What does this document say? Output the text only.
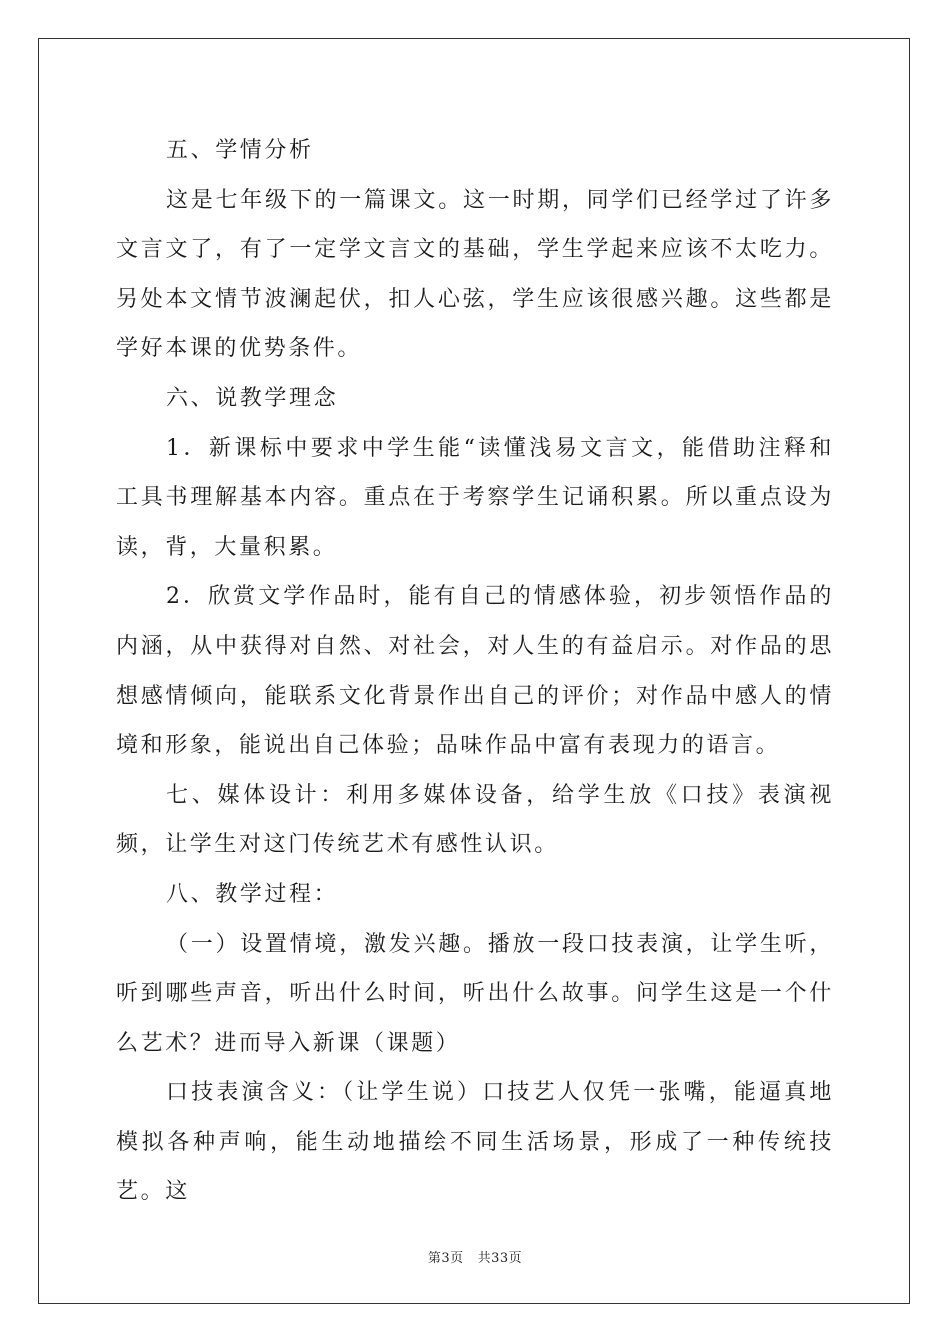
五、学情分析

这是七年级下的一篇课文。这一时期，同学们已经学过了许多文言文了，有了一定学文言文的基础，学生学起来应该不太吃力。另处本文情节波澜起伏，扣人心弦，学生应该很感兴趣。这些都是学好本课的优势条件。

六、说教学理念

1．新课标中要求中学生能“读懂浅易文言文，能借助注释和工具书理解基本内容。重点在于考察学生记诵积累。所以重点设为读，背，大量积累。

2．欣赏文学作品时，能有自己的情感体验，初步领悟作品的内涵，从中获得对自然、对社会，对人生的有益启示。对作品的思想感情倾向，能联系文化背景作出自己的评价；对作品中感人的情境和形象，能说出自己体验；品味作品中富有表现力的语言。

七、媒体设计：利用多媒体设备，给学生放《口技》表演视频，让学生对这门传统艺术有感性认识。

八、教学过程：

（一）设置情境，激发兴趣。播放一段口技表演，让学生听，听到哪些声音，听出什么时间，听出什么故事。问学生这是一个什么艺术？进而导入新课（课题）

口技表演含义：（让学生说）口技艺人仅凭一张嘴，能逼真地模拟各种声响，能生动地描绘不同生活场景，形成了一种传统技艺。这

第3页 共33页
